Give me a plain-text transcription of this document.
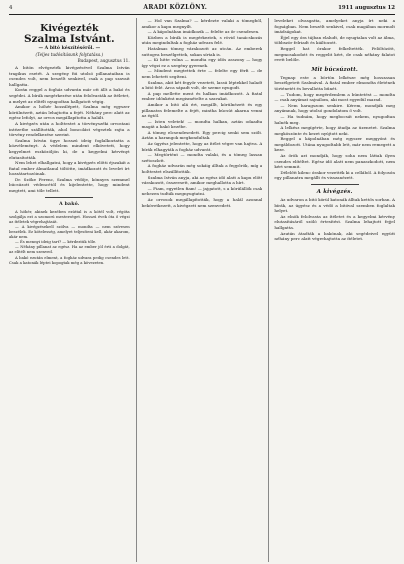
4	ARADI KÖZLÖNY.	1911 augusztus 12
Kivégezték
Szalma Istvánt.
— A bitó készítéséről. —
(Teljes tudósításunk folytatása.)
Budapest, augusztus 11.

A bitón elvégezték kivégzésével Szalma István tragikus esetét. A szegény fiú utolsó pillanataiban is csendes volt, nem beszélt senkivel, csak a pap szavait hallgatta.

Korán reggel a fogház udvarán már ott állt a bakó és segédei. A bírák megérkezése után felolvasták az ítéletet, a melyet az elítélt nyugodtan hallgatott végig.

Amikor a hóhér hozzálépett, Szalma még egyszer körülnézett, aztán lehajtotta a fejét. Néhány perc alatt az egész lefolyt, az orvos megállapította a halált.

A kivégzés után a holttestet a törvényszéki orvostani intézetbe szállították, ahol boncolást végeztek rajta a törvény rendelkezése szerint.

Szalma István ügye hosszú ideig foglalkoztatta a közvéleményt. A védelem mindent elkövetett, hogy kegyelmet eszközöljön ki, de a kegyelmi kérvényt elutasították.

Nem lehet elhallgatni, hogy a kivégzés előtti éjszakát a fiatal ember álmatlanul töltötte, imádkozott és levelet írt hozzátartozóinak.

Dr. Szőke Ferenc, Szalma védője, könnyes szemmel búcsúzott védencétől és kijelentette, hogy mindent megtett, ami tőle tellett.

A bakó.

A hóhér, akinek kezében ezúttal is a kötél volt, régóta szolgálja ezt a szomorú mesterséget. Hosszú évek óta ő végzi az ítéletek végrehajtását.

— A kivégzésekről szólva — mondta — nem szívesen beszélek. Ez kötelesség, amelyet teljesíteni kell, akár akarom, akár nem.

— És mennyi ideig tart? — kérdeztük tőle.

— Néhány pillanat az egész. Ha az ember jól érti a dolgát, az elítélt nem szenved.

A bakó ezután elment, a fogház udvara pedig csendes lett. Csak a katonák léptei kopogtak még a kövezeten.

— Hol van Szalma? — kérdezte valaki a tömegből, amikor a kapu megnyílt.

— A kápolnában imádkozik — felelte az őr csendesen.

Közben a bírák is megérkeztek, s rövid tanácskozás után megindultak a fogház udvara felé.

Hatalmas tömeg várakozott az utcán. Az emberek suttogva beszélgettek, sokan sírtak is.

— Ki hitte volna — mondta egy idős asszony — hogy így végzi ez a szegény gyermek.

— Mindent megtettek érte — felelte egy férfi — de nem lehetett segíteni.

Szalma, akit két fegyőr vezetett, lassú léptekkel haladt a bitó felé. Arca sápadt volt, de szeme nyugodt.

A pap mellette ment és halkan imádkozott. A fiatal ember időnként megismételte a szavakat.

Amikor a bitó alá ért, megállt, körülnézett és egy pillanatra felemelte a fejét, mintha búcsút akarna venni az égtől.

— Isten veletek! — mondta halkan, aztán odaadta magát a bakó kezébe.

A tömeg elcsendesedett. Egy percig senki sem szólt. Aztán a harangok megkondultak.

Az ügyész jelentette, hogy az ítélet végre van hajtva. A bírák elhagyták a fogház udvarát.

— Megtörtént — mondta valaki, és a tömeg lassan szétoszlott.

A fogház udvarán még sokáig álltak a fegyőrök, míg a holttestet elszállították.

Szalma István anyja, aki az egész idő alatt a kapu előtt várakozott, összeesett, amikor meghallotta a hírt.

— Fiam, egyetlen fiam! — jajgatott, s a körülállók csak nehezen tudták megnyugtatni.

Az orvosok megállapították, hogy a halál azonnal bekövetkezett, a kivégzett nem szenvedett.

leveleket olvasgatta, amelyeket anyja írt neki a fogságban. Nem beszélt senkivel, csak magában mormolt imádságokat.

Éjjel egy óra tájban elaludt, de nyugtalan volt az álma, többször felriadt és kiáltozott.

Reggel hat órakor felkeltették. Felöltözött, megmosakodott és reggelit kért, de csak néhány falatot evett belőle.

Mit búcsúzott.

Tegnap este a börtön lelkésze még hosszasan beszélgetett Szalmával. A fiatal ember elmondta életének történetét és bevallotta bűnét.

— Tudom, hogy megérdemlem a büntetést — mondta — csak anyámat sajnálom, aki most egyedül marad.

— Nem haragszom senkire. Kérem, mondják meg anyámnak, hogy utolsó gondolatom ő volt.

— Ha tudnám, hogy megbocsát nekem, nyugodtan halnék meg.

A lelkész megígérte, hogy átadja az üzenetet. Szalma megköszönte és kezet nyújtott neki.

Reggel a kápolnában még egyszer meggyónt és megáldozott. Utána nyugodtabb lett, már nem remegett a keze.

Az őrök azt mondják, hogy soha nem láttak ilyen csendes elítéltet. Egész idő alatt nem panaszkodott, nem kért semmit.

Délelőtt kilenc órakor vezették ki a cellából. A folyosón egy pillanatra megállt és visszanézett.

A kivégzés.

Az udvaron a bitó körül katonák álltak kettős sorban. A bírák, az ügyész és a védő a bitóval szemben foglaltak helyet.

Az elnök felolvasta az ítéletet és a kegyelmi kérvény elutasításáról szóló értesítést. Szalma lehajtott fejjel hallgatta.

Azután átadták a bakónak, aki segédeivel együtt néhány perc alatt végrehajtotta az ítéletet.
